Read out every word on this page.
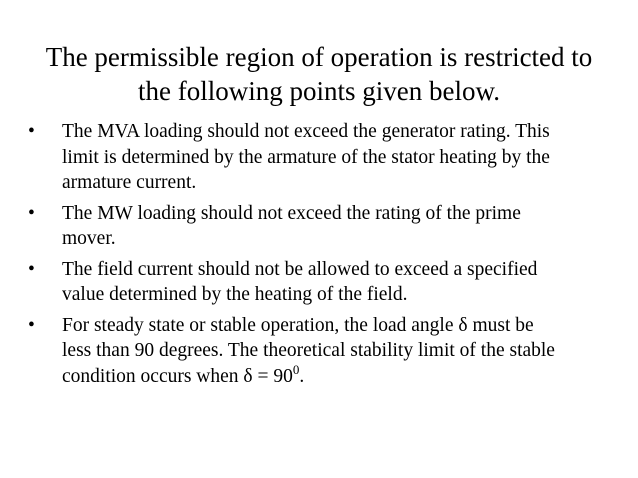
The permissible region of operation is restricted to
the following points given below.
•	The MVA loading should not exceed the generator rating. This
limit is determined by the armature of the stator heating by the
armature current.
•	The MW loading should not exceed the rating of the prime
mover.
•	The field current should not be allowed to exceed a specified
value determined by the heating of the field.
•	For steady state or stable operation, the load angle δ must be
less than 90 degrees. The theoretical stability limit of the stable
condition occurs when $\delta = 90^0$.
